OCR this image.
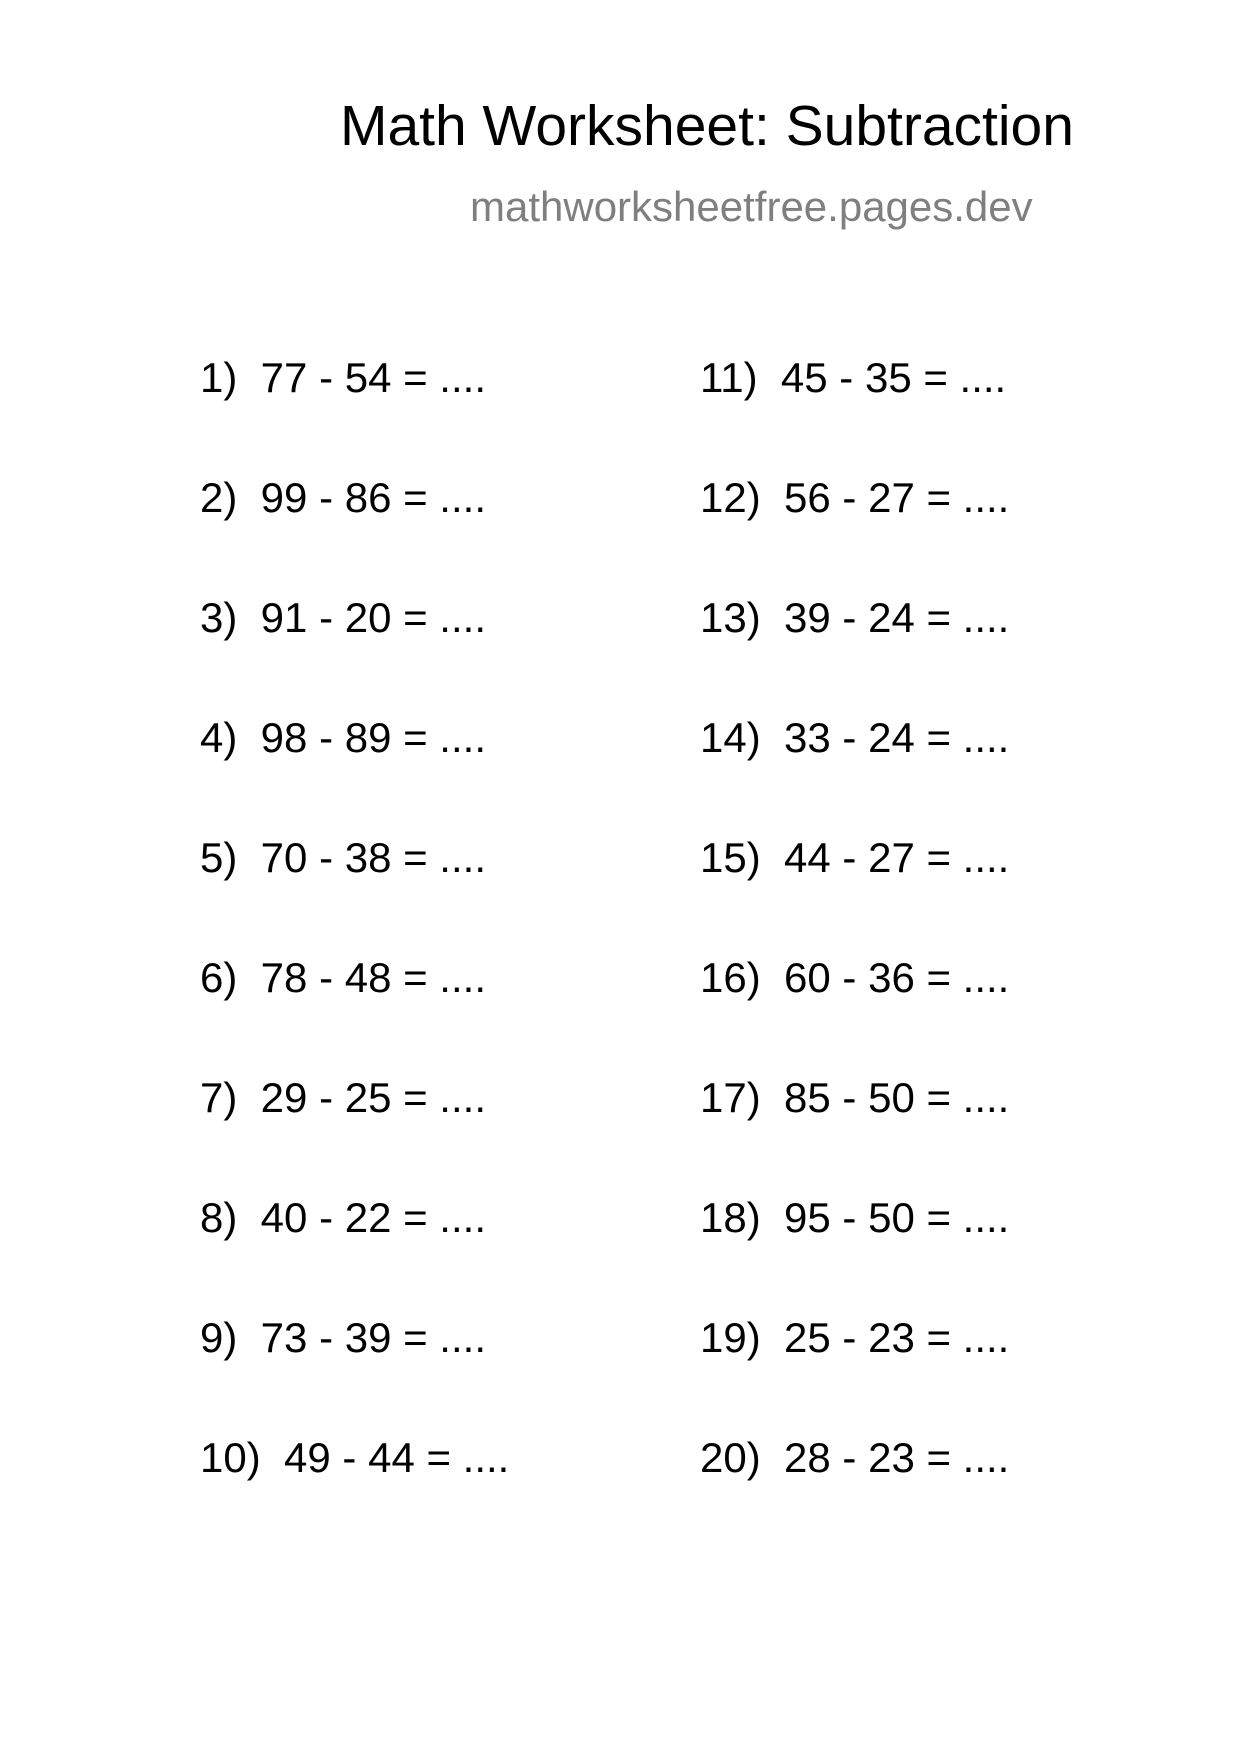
Math Worksheet: Subtraction
mathworksheetfree.pages.dev
1)  77 - 54 = ....
2)  99 - 86 = ....
3)  91 - 20 = ....
4)  98 - 89 = ....
5)  70 - 38 = ....
6)  78 - 48 = ....
7)  29 - 25 = ....
8)  40 - 22 = ....
9)  73 - 39 = ....
10)  49 - 44 = ....
11)  45 - 35 = ....
12)  56 - 27 = ....
13)  39 - 24 = ....
14)  33 - 24 = ....
15)  44 - 27 = ....
16)  60 - 36 = ....
17)  85 - 50 = ....
18)  95 - 50 = ....
19)  25 - 23 = ....
20)  28 - 23 = ....
